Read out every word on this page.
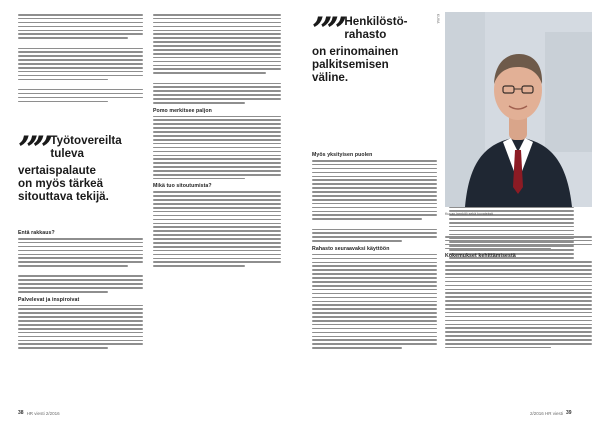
”” Työtovereilta
tuleva
vertaispalaute
on myös tärkeä
sitouttava tekijä.
Entä rakkaus?
Palvelevat ja inspiroivat
Pomo merkitsee paljon
Mikä tuo sitoutumista?
38 HR viesti 2/2016
”” Henkilöstö-
rahasto
on erinomainen
palkitsemisen
väline.
KUVA
Myös yksityisen puolen
Rahasto seuraavaksi käyttöön
2/2016 HR viesti 39
Kuvan henkilö sekä kuvateksti
Kokemukset kehittämisestä
